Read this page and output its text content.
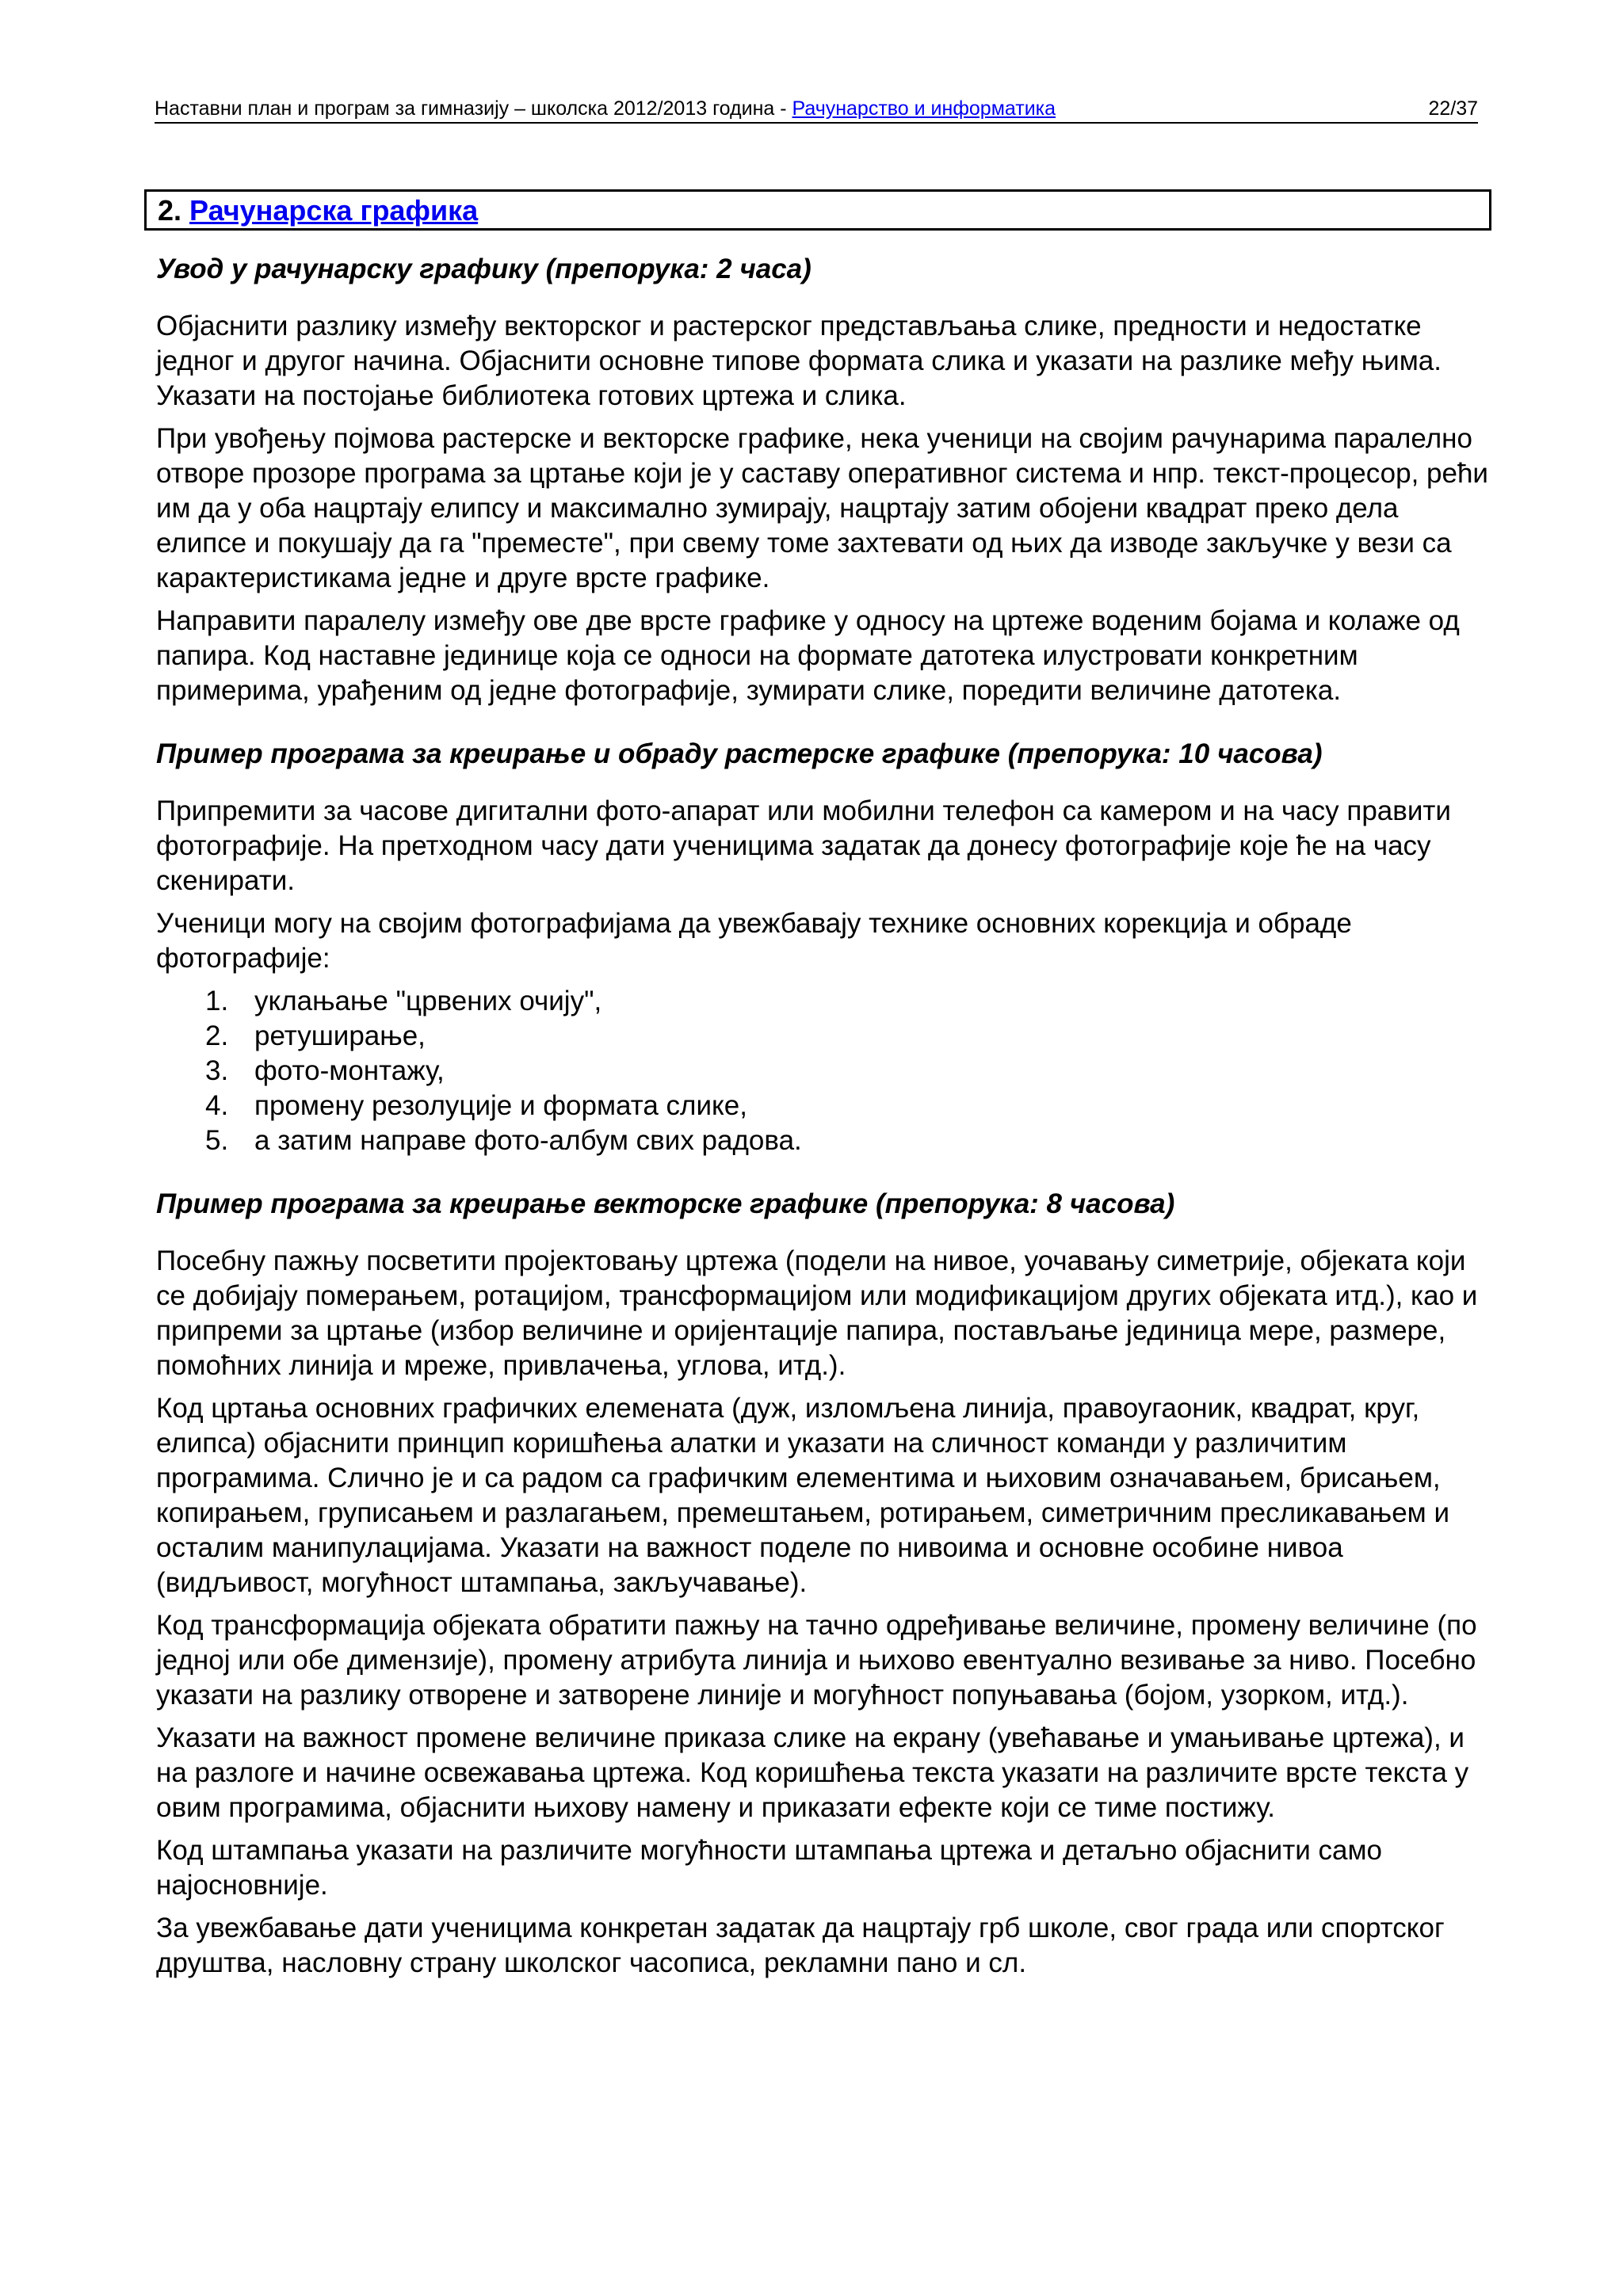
Наставни план и програм за гимназију – школска 2012/2013 година - Рачунарство и информатика	22/37
2. Рачунарска графика
Увод у рачунарску графику (препорука: 2 часа)

Објаснити разлику између векторског и растерског представљања слике, предности и недостатке једног и другог начина. Објаснити основне типове формата слика и указати на разлике међу њима. Указати на постојање библиотека готових цртежа и слика.

При увођењу појмова растерске и векторске графике, нека ученици на својим рачунарима паралелно отворе прозоре програма за цртање који је у саставу оперативног система и нпр. текст-процесор, рећи им да у оба нацртају елипсу и максимално зумирају, нацртају затим обојени квадрат преко дела елипсе и покушају да га "преместе", при свему томе захтевати од њих да изводе закључке у вези са карактеристикама једне и друге врсте графике.

Направити паралелу између ове две врсте графике у односу на цртеже воденим бојама и колаже од папира. Код наставне јединице која се односи на формате датотека илустровати конкретним примерима, урађеним од једне фотографије, зумирати слике, поредити величине датотека.

Пример програма за креирање и обраду растерске графике (препорука: 10 часова)

Припремити за часове дигитални фото-апарат или мобилни телефон са камером и на часу правити фотографије. На претходном часу дати ученицима задатак да донесу фотографије које ће на часу скенирати.

Ученици могу на својим фотографијама да увежбавају технике основних корекција и обраде фотографије:

1. уклањање "црвених очију",
2. ретуширање,
3. фото-монтажу,
4. промену резолуције и формата слике,
5. а затим направе фото-албум свих радова.
Пример програма за креирање векторске графике (препорука: 8 часова)

Посебну пажњу посветити пројектовању цртежа (подели на нивое, уочавању симетрије, објеката који се добијају померањем, ротацијом, трансформацијом или модификацијом других објеката итд.), као и припреми за цртање (избор величине и оријентације папира, постављање јединица мере, размере, помоћних линија и мреже, привлачења, углова, итд.).

Код цртања основних графичких елемената (дуж, изломљена линија, правоугаоник, квадрат, круг, елипса) објаснити принцип коришћења алатки и указати на сличност команди у различитим програмима. Слично је и са радом са графичким елементима и њиховим означавањем, брисањем, копирањем, груписањем и разлагањем, премештањем, ротирањем, симетричним пресликавањем и осталим манипулацијама. Указати на важност поделе по нивоима и основне особине нивоа (видљивост, могућност штампања, закључавање).

Код трансформација објеката обратити пажњу на тачно одређивање величине, промену величине (по једној или обе димензије), промену атрибута линија и њихово евентуално везивање за ниво. Посебно указати на разлику отворене и затворене линије и могућност попуњавања (бојом, узорком, итд.).

Указати на важност промене величине приказа слике на екрану (увећавање и умањивање цртежа), и на разлоге и начине освежавања цртежа. Код коришћења текста указати на различите врсте текста у овим програмима, објаснити њихову намену и приказати ефекте који се тиме постижу.

Код штампања указати на различите могућности штампања цртежа и детаљно објаснити само најосновније.

За увежбавање дати ученицима конкретан задатак да нацртају грб школе, свог града или спортског друштва, насловну страну школског часописа, рекламни пано и сл.
